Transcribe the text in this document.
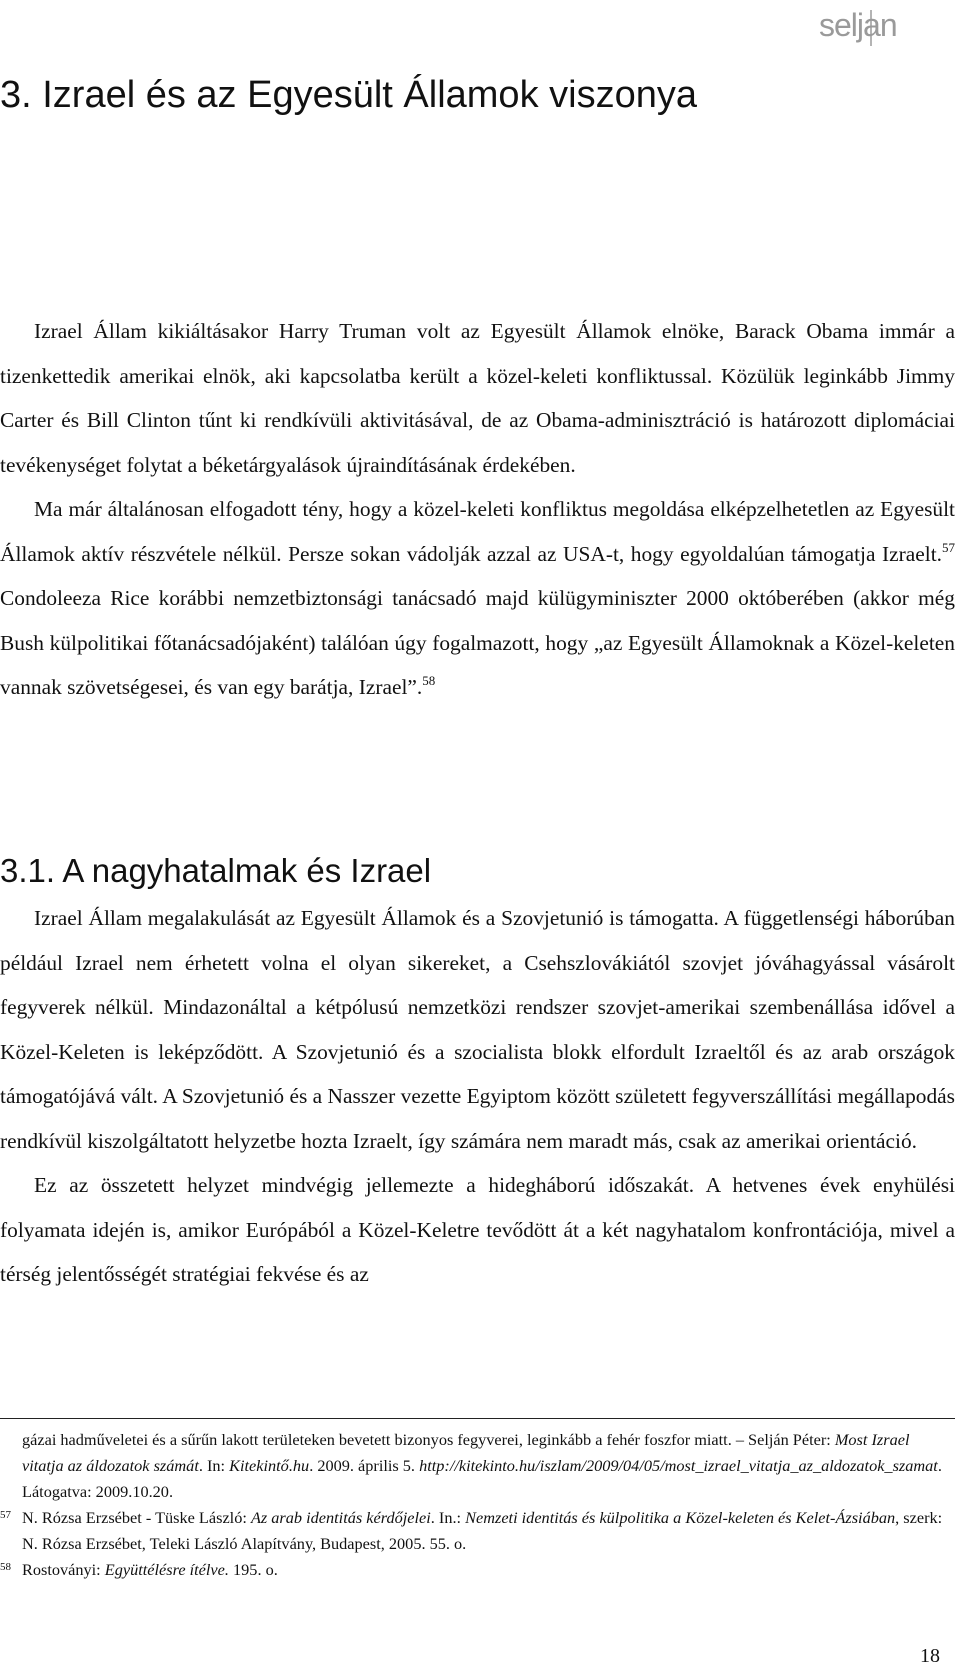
seljan
3. Izrael és az Egyesült Államok viszonya

Izrael Állam kikiáltásakor Harry Truman volt az Egyesült Államok elnöke, Barack Obama immár a tizenkettedik amerikai elnök, aki kapcsolatba került a közel-keleti konfliktussal. Közülük leginkább Jimmy Carter és Bill Clinton tűnt ki rendkívüli aktivitásával, de az Obama-adminisztráció is határozott diplomáciai tevékenységet folytat a béketárgyalások újraindításának érdekében.

Ma már általánosan elfogadott tény, hogy a közel-keleti konfliktus megoldása elképzelhetetlen az Egyesült Államok aktív részvétele nélkül. Persze sokan vádolják azzal az USA-t, hogy egyoldalúan támogatja Izraelt.$^{57}$ Condoleeza Rice korábbi nemzetbiztonsági tanácsadó majd külügyminiszter 2000 októberében (akkor még Bush külpolitikai főtanácsadójaként) találóan úgy fogalmazott, hogy „az Egyesült Államoknak a Közel-keleten vannak szövetségesei, és van egy barátja, Izrael”.$^{58}$

3.1. A nagyhatalmak és Izrael

Izrael Állam megalakulását az Egyesült Államok és a Szovjetunió is támogatta. A függetlenségi háborúban például Izrael nem érhetett volna el olyan sikereket, a Csehszlovákiától szovjet jóváhagyással vásárolt fegyverek nélkül. Mindazonáltal a kétpólusú nemzetközi rendszer szovjet-amerikai szembenállása idővel a Közel-Keleten is leképződött. A Szovjetunió és a szocialista blokk elfordult Izraeltől és az arab országok támogatójává vált. A Szovjetunió és a Nasszer vezette Egyiptom között született fegyverszállítási megállapodás rendkívül kiszolgáltatott helyzetbe hozta Izraelt, így számára nem maradt más, csak az amerikai orientáció.

Ez az összetett helyzet mindvégig jellemezte a hidegháború időszakát. A hetvenes évek enyhülési folyamata idején is, amikor Európából a Közel-Keletre tevődött át a két nagyhatalom konfrontációja, mivel a térség jelentősségét stratégiai fekvése és az

gázai hadműveletei és a sűrűn lakott területeken bevetett bizonyos fegyverei, leginkább a fehér foszfor miatt. – Selján Péter: Most Izrael vitatja az áldozatok számát. In: Kitekintő.hu. 2009. április 5. http://kitekinto.hu/iszlam/2009/04/05/most_izrael_vitatja_az_aldozatok_szamat. Látogatva: 2009.10.20.

57 N. Rózsa Erzsébet - Tüske László: Az arab identitás kérdőjelei. In.: Nemzeti identitás és külpolitika a Közel-keleten és Kelet-Ázsiában, szerk: N. Rózsa Erzsébet, Teleki László Alapítvány, Budapest, 2005. 55. o.

58 Rostoványi: Együttélésre ítélve. 195. o.

18
